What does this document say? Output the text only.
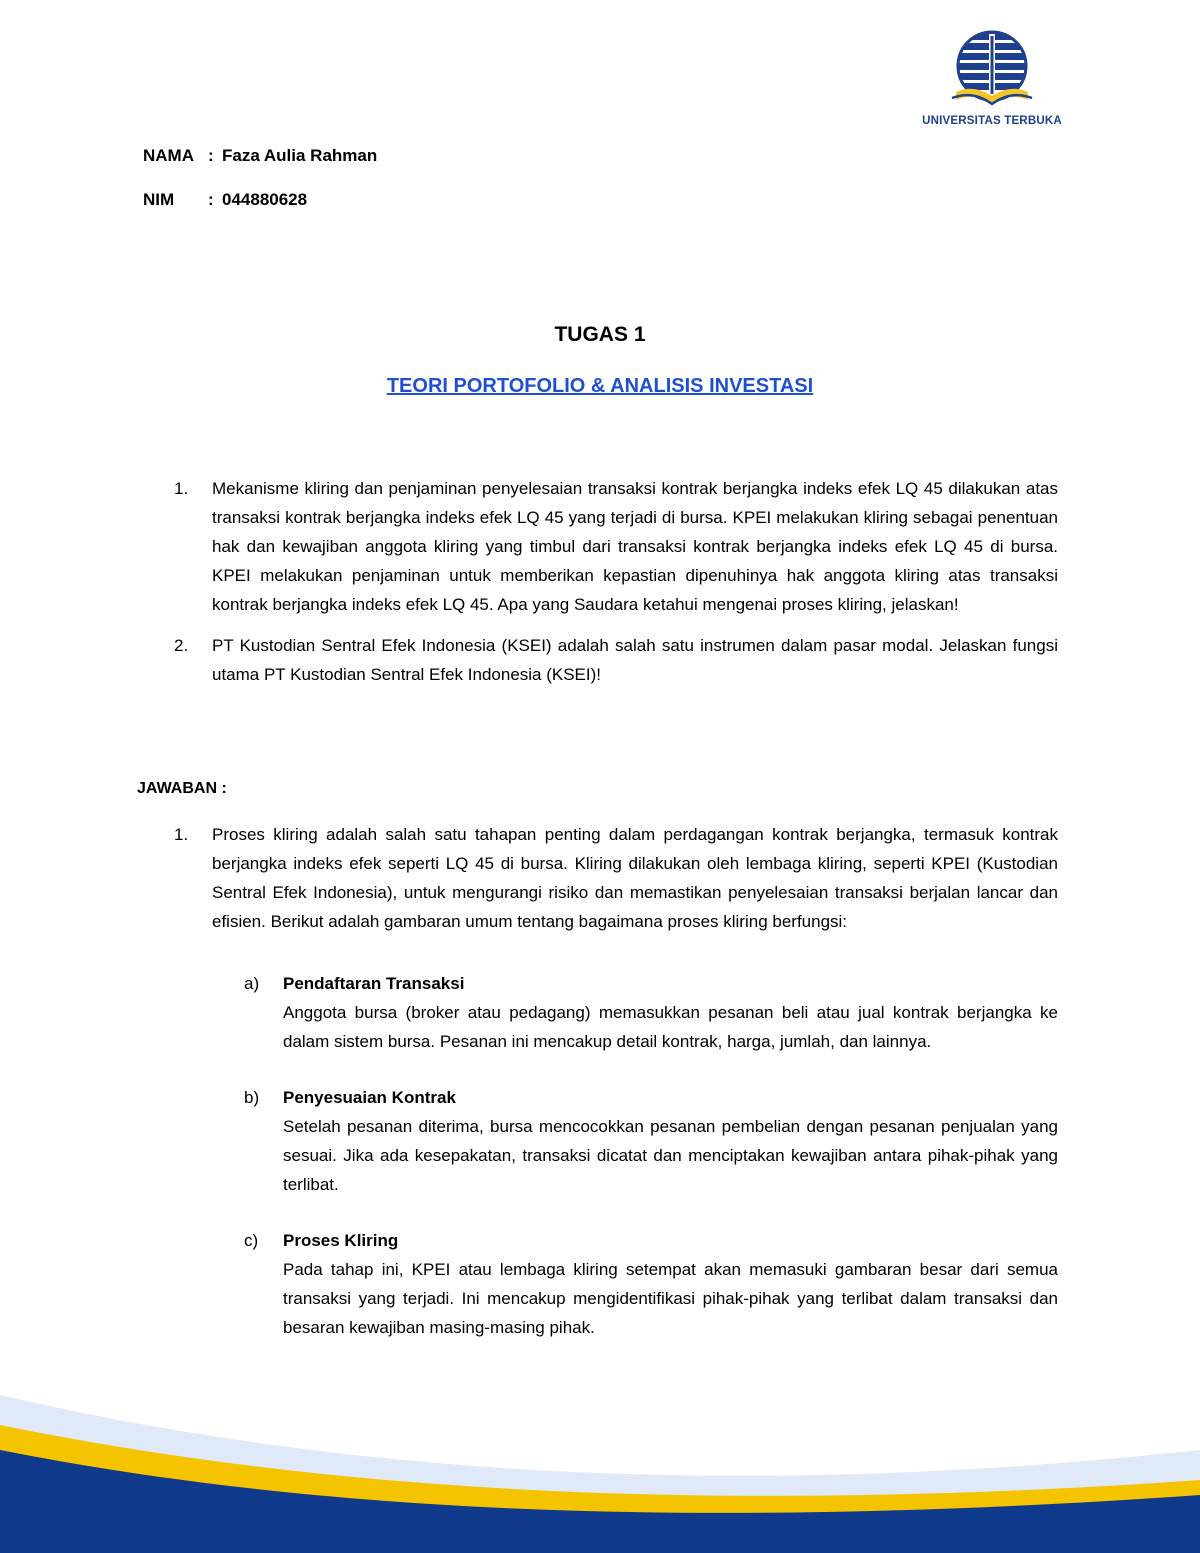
UNIVERSITAS TERBUKA
NAMA : Faza Aulia Rahman
NIM	: 044880628
TUGAS 1
TEORI PORTOFOLIO & ANALISIS INVESTASI
1.	Mekanisme kliring dan penjaminan penyelesaian transaksi kontrak berjangka indeks efek LQ 45 dilakukan atas transaksi kontrak berjangka indeks efek LQ 45 yang terjadi di bursa. KPEI melakukan kliring sebagai penentuan hak dan kewajiban anggota kliring yang timbul dari transaksi kontrak berjangka indeks efek LQ 45 di bursa. KPEI melakukan penjaminan untuk memberikan kepastian dipenuhinya hak anggota kliring atas transaksi kontrak berjangka indeks efek LQ 45. Apa yang Saudara ketahui mengenai proses kliring, jelaskan!
2.	PT Kustodian Sentral Efek Indonesia (KSEI) adalah salah satu instrumen dalam pasar modal. Jelaskan fungsi utama PT Kustodian Sentral Efek Indonesia (KSEI)!
JAWABAN :
1.	Proses kliring adalah salah satu tahapan penting dalam perdagangan kontrak berjangka, termasuk kontrak berjangka indeks efek seperti LQ 45 di bursa. Kliring dilakukan oleh lembaga kliring, seperti KPEI (Kustodian Sentral Efek Indonesia), untuk mengurangi risiko dan memastikan penyelesaian transaksi berjalan lancar dan efisien. Berikut adalah gambaran umum tentang bagaimana proses kliring berfungsi:
a)	Pendaftaran Transaksi
Anggota bursa (broker atau pedagang) memasukkan pesanan beli atau jual kontrak berjangka ke dalam sistem bursa. Pesanan ini mencakup detail kontrak, harga, jumlah, dan lainnya.
b)	Penyesuaian Kontrak
Setelah pesanan diterima, bursa mencocokkan pesanan pembelian dengan pesanan penjualan yang sesuai. Jika ada kesepakatan, transaksi dicatat dan menciptakan kewajiban antara pihak-pihak yang terlibat.
c)	Proses Kliring
Pada tahap ini, KPEI atau lembaga kliring setempat akan memasuki gambaran besar dari semua transaksi yang terjadi. Ini mencakup mengidentifikasi pihak-pihak yang terlibat dalam transaksi dan besaran kewajiban masing-masing pihak.
